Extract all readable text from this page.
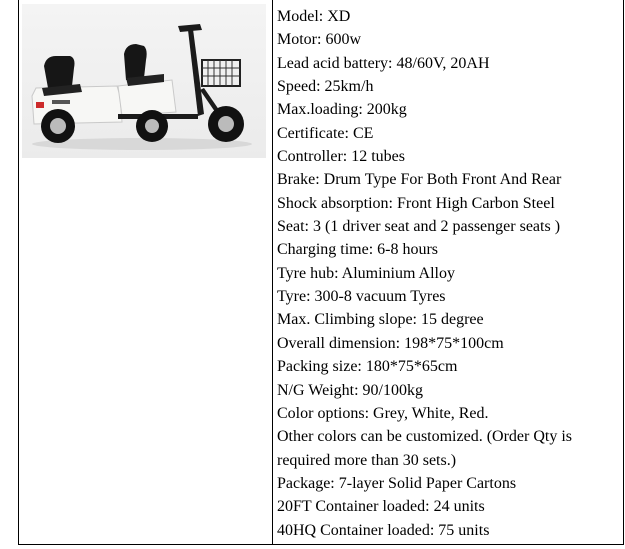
Model: XD
Motor: 600w
Lead acid battery: 48/60V, 20AH
Speed: 25km/h
Max.loading: 200kg
Certificate: CE
Controller: 12 tubes
Brake: Drum Type For Both Front And Rear
Shock absorption: Front High Carbon Steel
Seat: 3 (1 driver seat and 2 passenger seats )
Charging time: 6-8 hours
Tyre hub: Aluminium Alloy
Tyre: 300-8 vacuum Tyres
Max. Climbing slope: 15 degree
Overall dimension: 198*75*100cm
Packing size: 180*75*65cm
N/G Weight: 90/100kg
Color options: Grey, White, Red.
Other colors can be customized. (Order Qty is required more than 30 sets.)
Package: 7-layer Solid Paper Cartons
20FT Container loaded: 24 units
40HQ Container loaded: 75 units
